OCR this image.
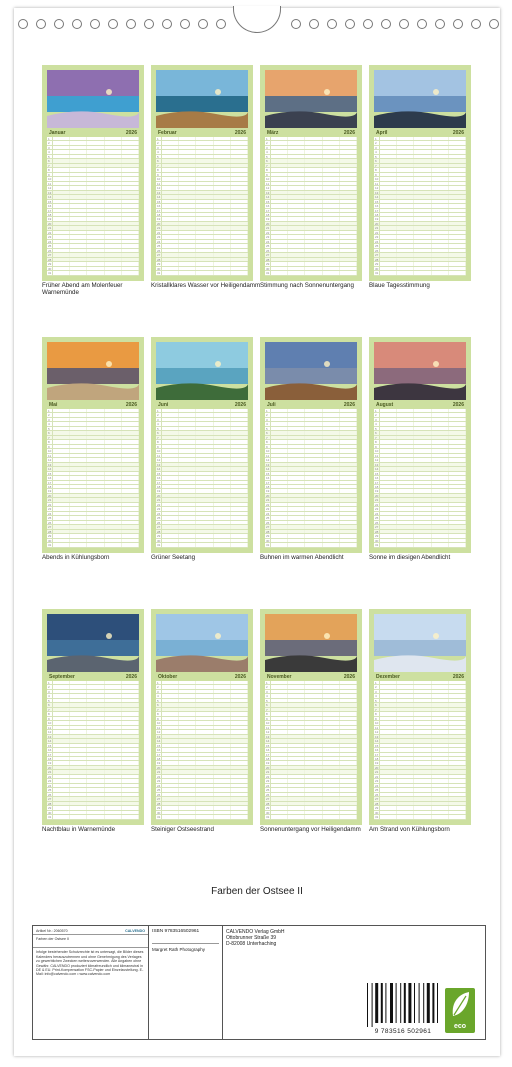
Januar	2026
1
2
3
4
5
6
7
8
9
10
11
12
13
14
15
16
17
18
19
20
21
22
23
24
25
26
27
28
29
30
31
Früher Abend am Molenfeuer Warnemünde
Februar	2026
1
2
3
4
5
6
7
8
9
10
11
12
13
14
15
16
17
18
19
20
21
22
23
24
25
26
27
28
29
30
31
Kristallklares Wasser vor Heiligendamm
März	2026
1
2
3
4
5
6
7
8
9
10
11
12
13
14
15
16
17
18
19
20
21
22
23
24
25
26
27
28
29
30
31
Stimmung nach Sonnenuntergang
April	2026
1
2
3
4
5
6
7
8
9
10
11
12
13
14
15
16
17
18
19
20
21
22
23
24
25
26
27
28
29
30
31
Blaue Tagesstimmung
Mai	2026
1
2
3
4
5
6
7
8
9
10
11
12
13
14
15
16
17
18
19
20
21
22
23
24
25
26
27
28
29
30
31
Abends in Kühlungsborn
Juni	2026
1
2
3
4
5
6
7
8
9
10
11
12
13
14
15
16
17
18
19
20
21
22
23
24
25
26
27
28
29
30
31
Grüner Seetang
Juli	2026
1
2
3
4
5
6
7
8
9
10
11
12
13
14
15
16
17
18
19
20
21
22
23
24
25
26
27
28
29
30
31
Buhnen im warmen Abendlicht
August	2026
1
2
3
4
5
6
7
8
9
10
11
12
13
14
15
16
17
18
19
20
21
22
23
24
25
26
27
28
29
30
31
Sonne im diesigen Abendlicht
September	2026
1
2
3
4
5
6
7
8
9
10
11
12
13
14
15
16
17
18
19
20
21
22
23
24
25
26
27
28
29
30
31
Nachtblau in Warnemünde
Oktober	2026
1
2
3
4
5
6
7
8
9
10
11
12
13
14
15
16
17
18
19
20
21
22
23
24
25
26
27
28
29
30
31
Steiniger Ostseestrand
November	2026
1
2
3
4
5
6
7
8
9
10
11
12
13
14
15
16
17
18
19
20
21
22
23
24
25
26
27
28
29
30
31
Sonnenuntergang vor Heiligendamm
Dezember	2026
1
2
3
4
5
6
7
8
9
10
11
12
13
14
15
16
17
18
19
20
21
22
23
24
25
26
27
28
29
30
31
Am Strand von Kühlungsborn
Farben der Ostsee II
Artikel Nr.: 2060570	CALVENDO
Farben der Ostsee II
Infolge bestehender Schutzrechte ist es untersagt, die Bilder dieses Kalenders herauszutrennen und ohne Genehmigung des Verlages zu gewerblichen Zwecken weiterzuverwenden. Alle Angaben ohne Gewähr. CALVENDO produziert klimafreundlich und klimaneutral in DE & EU. Print-Kompensation FSC-Papier und Einzelzustellung. E-Mail: info@calvendo.com • www.calvendo.com
ISBN 9783516502961
Margret Rath Photography
CALVENDO Verlag GmbH
Ottobrunner Straße 39
D-82008 Unterhaching
9 783516 502961
eco
